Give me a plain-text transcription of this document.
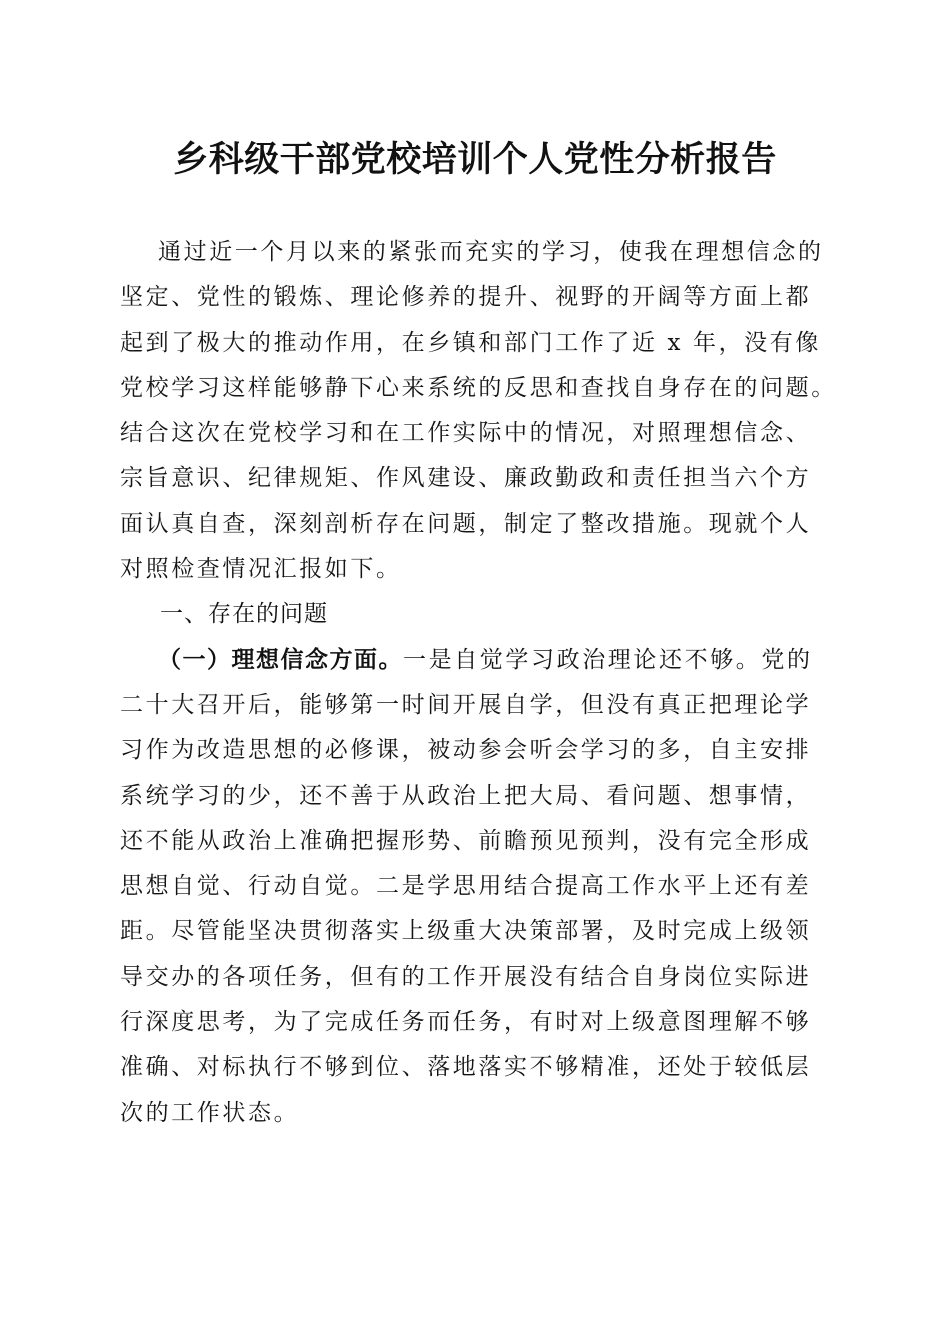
乡科级干部党校培训个人党性分析报告
通过近一个月以来的紧张而充实的学习，使我在理想信念的
坚定、党性的锻炼、理论修养的提升、视野的开阔等方面上都
起到了极大的推动作用，在乡镇和部门工作了近 x 年，没有像
党校学习这样能够静下心来系统的反思和查找自身存在的问题。
结合这次在党校学习和在工作实际中的情况，对照理想信念、
宗旨意识、纪律规矩、作风建设、廉政勤政和责任担当六个方
面认真自查，深刻剖析存在问题，制定了整改措施。现就个人
对照检查情况汇报如下。
一、存在的问题
（一）理想信念方面。一是自觉学习政治理论还不够。党的
二十大召开后，能够第一时间开展自学，但没有真正把理论学
习作为改造思想的必修课，被动参会听会学习的多，自主安排
系统学习的少，还不善于从政治上把大局、看问题、想事情，
还不能从政治上准确把握形势、前瞻预见预判，没有完全形成
思想自觉、行动自觉。二是学思用结合提高工作水平上还有差
距。尽管能坚决贯彻落实上级重大决策部署，及时完成上级领
导交办的各项任务，但有的工作开展没有结合自身岗位实际进
行深度思考，为了完成任务而任务，有时对上级意图理解不够
准确、对标执行不够到位、落地落实不够精准，还处于较低层
次的工作状态。
